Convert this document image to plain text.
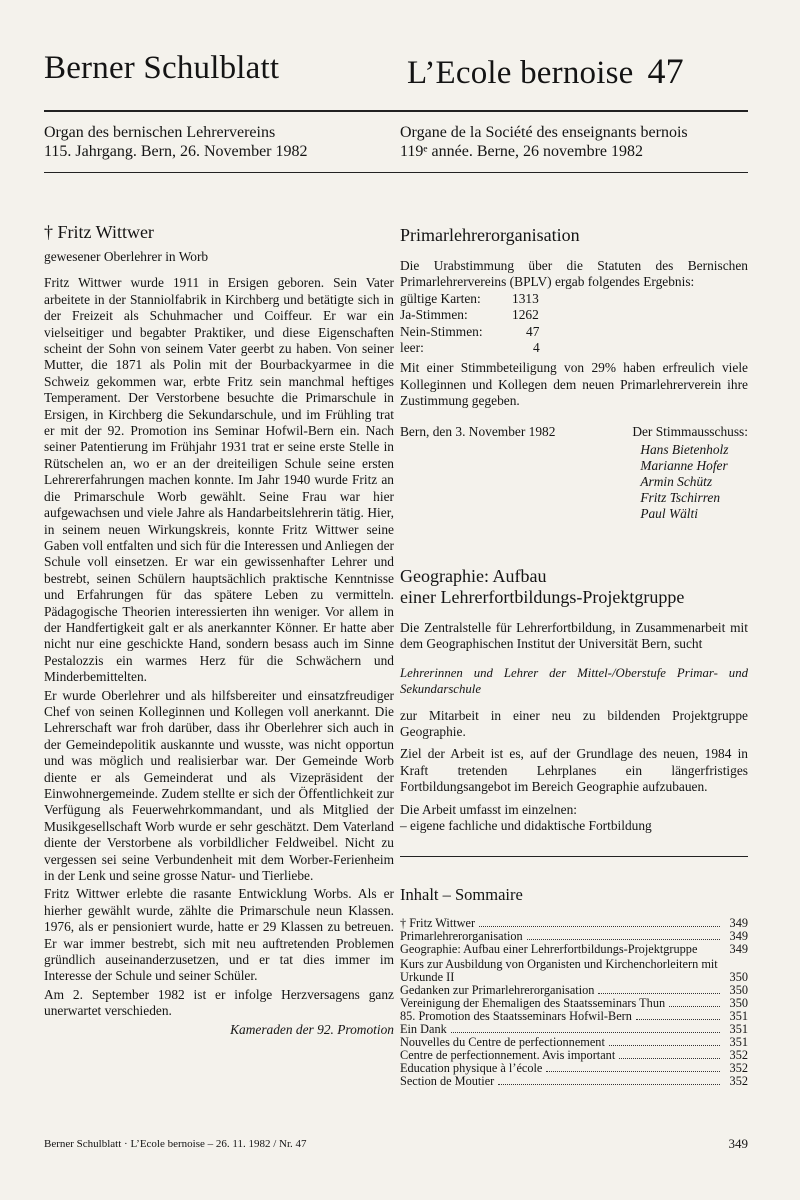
Berner Schulblatt	L’Ecole bernoise 47
Organ des bernischen Lehrervereins
115. Jahrgang. Bern, 26. November 1982
Organe de la Société des enseignants bernois
119ᵉ année. Berne, 26 novembre 1982
† Fritz Wittwer
gewesener Oberlehrer in Worb

Fritz Wittwer wurde 1911 in Ersigen geboren. Sein Vater arbeitete in der Stanniolfabrik in Kirchberg und betätigte sich in der Freizeit als Schuhmacher und Coiffeur. Er war ein vielseitiger und begabter Praktiker, und diese Eigenschaften scheint der Sohn von seinem Vater geerbt zu haben. Von seiner Mutter, die 1871 als Polin mit der Bourbackyarmee in die Schweiz gekommen war, erbte Fritz sein manchmal heftiges Temperament. Der Verstorbene besuchte die Primarschule in Ersigen, in Kirchberg die Sekundarschule, und im Frühling trat er mit der 92. Promotion ins Seminar Hofwil-Bern ein. Nach seiner Patentierung im Frühjahr 1931 trat er seine erste Stelle in Rütschelen an, wo er an der dreiteiligen Schule seine ersten Lehrererfahrungen machen konnte. Im Jahr 1940 wurde Fritz an die Primarschule Worb gewählt. Seine Frau war hier aufgewachsen und viele Jahre als Handarbeitslehrerin tätig. Hier, in seinem neuen Wirkungskreis, konnte Fritz Wittwer seine Gaben voll entfalten und sich für die Interessen und Anliegen der Schule voll einsetzen. Er war ein gewissenhafter Lehrer und bestrebt, seinen Schülern hauptsächlich praktische Kenntnisse und Erfahrungen für das spätere Leben zu vermitteln. Pädagogische Theorien interessierten ihn weniger. Vor allem in der Handfertigkeit galt er als anerkannter Könner. Er hatte aber nicht nur eine geschickte Hand, sondern besass auch im Sinne Pestalozzis ein warmes Herz für die Schwächern und Minderbemittelten.

Er wurde Oberlehrer und als hilfsbereiter und einsatzfreudiger Chef von seinen Kolleginnen und Kollegen voll anerkannt. Die Lehrerschaft war froh darüber, dass ihr Oberlehrer sich auch in der Gemeindepolitik auskannte und wusste, was nicht opportun und was möglich und realisierbar war. Der Gemeinde Worb diente er als Gemeinderat und als Vizepräsident der Einwohnergemeinde. Zudem stellte er sich der Öffentlichkeit zur Verfügung als Feuerwehrkommandant, und als Mitglied der Musikgesellschaft Worb wurde er sehr geschätzt. Dem Vaterland diente der Verstorbene als vorbildlicher Feldweibel. Nicht zu vergessen sei seine Verbundenheit mit dem Worber-Ferienheim in der Lenk und seine grosse Natur- und Tierliebe.

Fritz Wittwer erlebte die rasante Entwicklung Worbs. Als er hierher gewählt wurde, zählte die Primarschule neun Klassen. 1976, als er pensioniert wurde, hatte er 29 Klassen zu betreuen. Er war immer bestrebt, sich mit neu auftretenden Problemen gründlich auseinanderzusetzen, und er tat dies immer im Interesse der Schule und seiner Schüler.

Am 2. September 1982 ist er infolge Herzversagens ganz unerwartet verschieden.

Kameraden der 92. Promotion
Primarlehrerorganisation

Die Urabstimmung über die Statuten des Bernischen Primarlehrervereins (BPLV) ergab folgendes Ergebnis:

gültige Karten:	1313
Ja-Stimmen:	1262
Nein-Stimmen:	47
leer:	4

Mit einer Stimmbeteiligung von 29% haben erfreulich viele Kolleginnen und Kollegen dem neuen Primarlehrerverein ihre Zustimmung gegeben.

Bern, den 3. November 1982	Der Stimmausschuss:
Hans Bietenholz
Marianne Hofer
Armin Schütz
Fritz Tschirren
Paul Wälti
Geographie: Aufbau
einer Lehrerfortbildungs-Projektgruppe

Die Zentralstelle für Lehrerfortbildung, in Zusammenarbeit mit dem Geographischen Institut der Universität Bern, sucht

Lehrerinnen und Lehrer der Mittel-/Oberstufe Primar- und Sekundarschule

zur Mitarbeit in einer neu zu bildenden Projektgruppe Geographie.

Ziel der Arbeit ist es, auf der Grundlage des neuen, 1984 in Kraft tretenden Lehrplanes ein längerfristiges Fortbildungsangebot im Bereich Geographie aufzubauen.

Die Arbeit umfasst im einzelnen:

– eigene fachliche und didaktische Fortbildung

Inhalt – Sommaire
† Fritz Wittwer	349
Primarlehrerorganisation	349
Geographie: Aufbau einer Lehrerfortbildungs-Projektgruppe	349
Kurs zur Ausbildung von Organisten und Kirchenchorleitern mit Urkunde II	350
Gedanken zur Primarlehrerorganisation	350
Vereinigung der Ehemaligen des Staatsseminars Thun	350
85. Promotion des Staatsseminars Hofwil-Bern	351
Ein Dank	351
Nouvelles du Centre de perfectionnement	351
Centre de perfectionnement. Avis important	352
Education physique à l’école	352
Section de Moutier	352
Berner Schulblatt · L’Ecole bernoise – 26. 11. 1982 / Nr. 47	349
